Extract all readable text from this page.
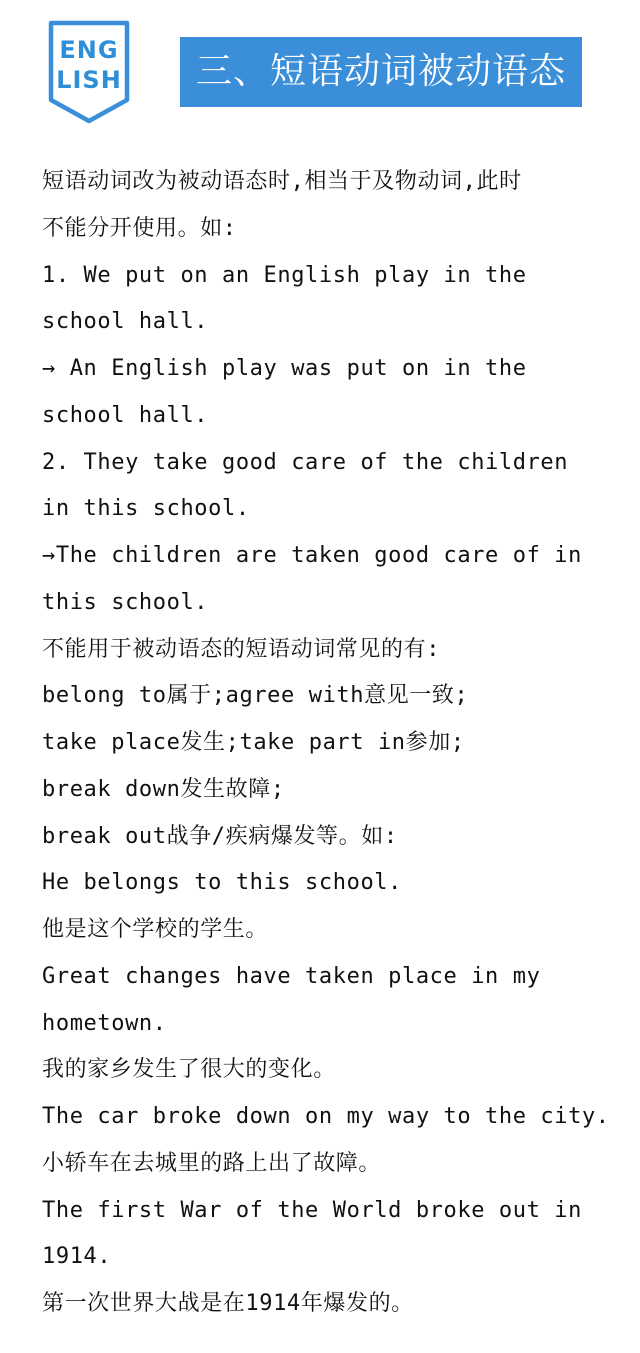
ENG
LISH	三、短语动词被动语态
短语动词改为被动语态时,相当于及物动词,此时
不能分开使用。如:
1. We put on an English play in the
school hall.
→ An English play was put on in the
school hall.
2. They take good care of the children
in this school.
→The children are taken good care of in
this school.
不能用于被动语态的短语动词常见的有:
belong to属于;agree with意见一致;
take place发生;take part in参加;
break down发生故障;
break out战争/疾病爆发等。如:
He belongs to this school.
他是这个学校的学生。
Great changes have taken place in my
hometown.
我的家乡发生了很大的变化。
The car broke down on my way to the city.
小轿车在去城里的路上出了故障。
The first War of the World broke out in
1914.
第一次世界大战是在1914年爆发的。
